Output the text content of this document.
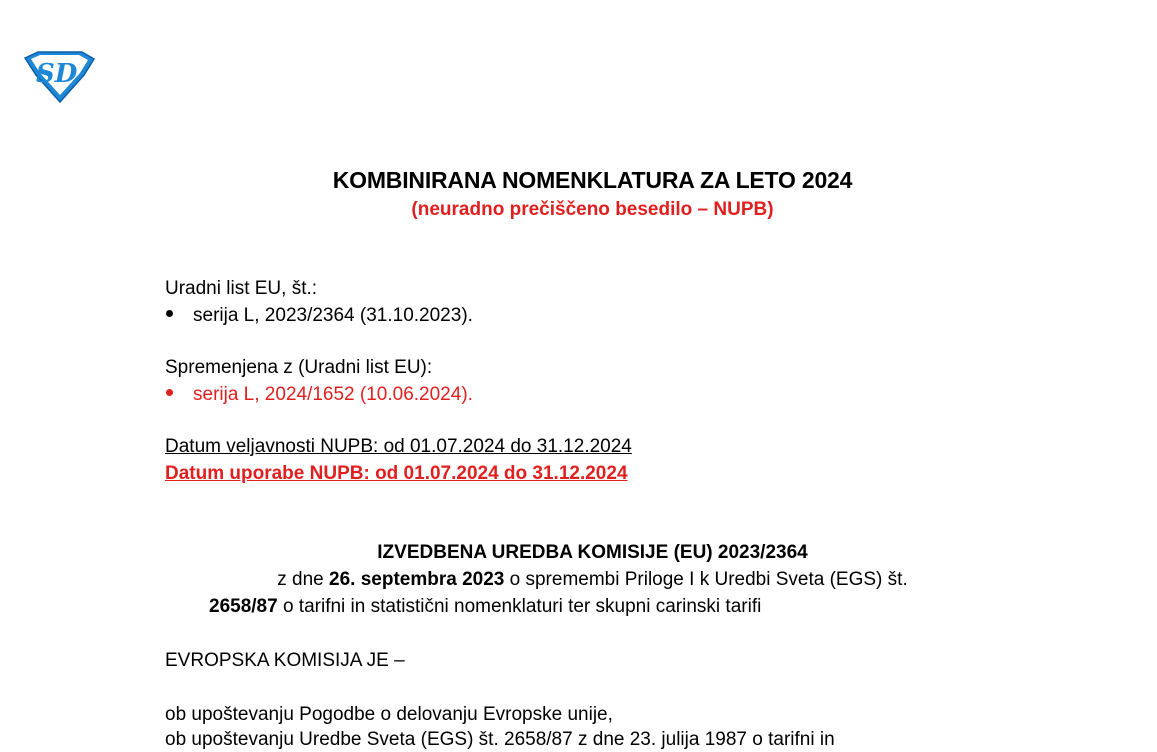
SD
KOMBINIRANA NOMENKLATURA ZA LETO 2024
(neuradno prečiščeno besedilo – NUPB)
Uradni list EU, št.:
serija L, 2023/2364 (31.10.2023).
Spremenjena z (Uradni list EU):
serija L, 2024/1652 (10.06.2024).
Datum veljavnosti NUPB: od 01.07.2024 do 31.12.2024
Datum uporabe NUPB: od 01.07.2024 do 31.12.2024
IZVEDBENA UREDBA KOMISIJE (EU) 2023/2364
z dne 26. septembra 2023 o spremembi Priloge I k Uredbi Sveta (EGS) št.
2658/87 o tarifni in statistični nomenklaturi ter skupni carinski tarifi
EVROPSKA KOMISIJA JE –
ob upoštevanju Pogodbe o delovanju Evropske unije,
ob upoštevanju Uredbe Sveta (EGS) št. 2658/87 z dne 23. julija 1987 o tarifni in
